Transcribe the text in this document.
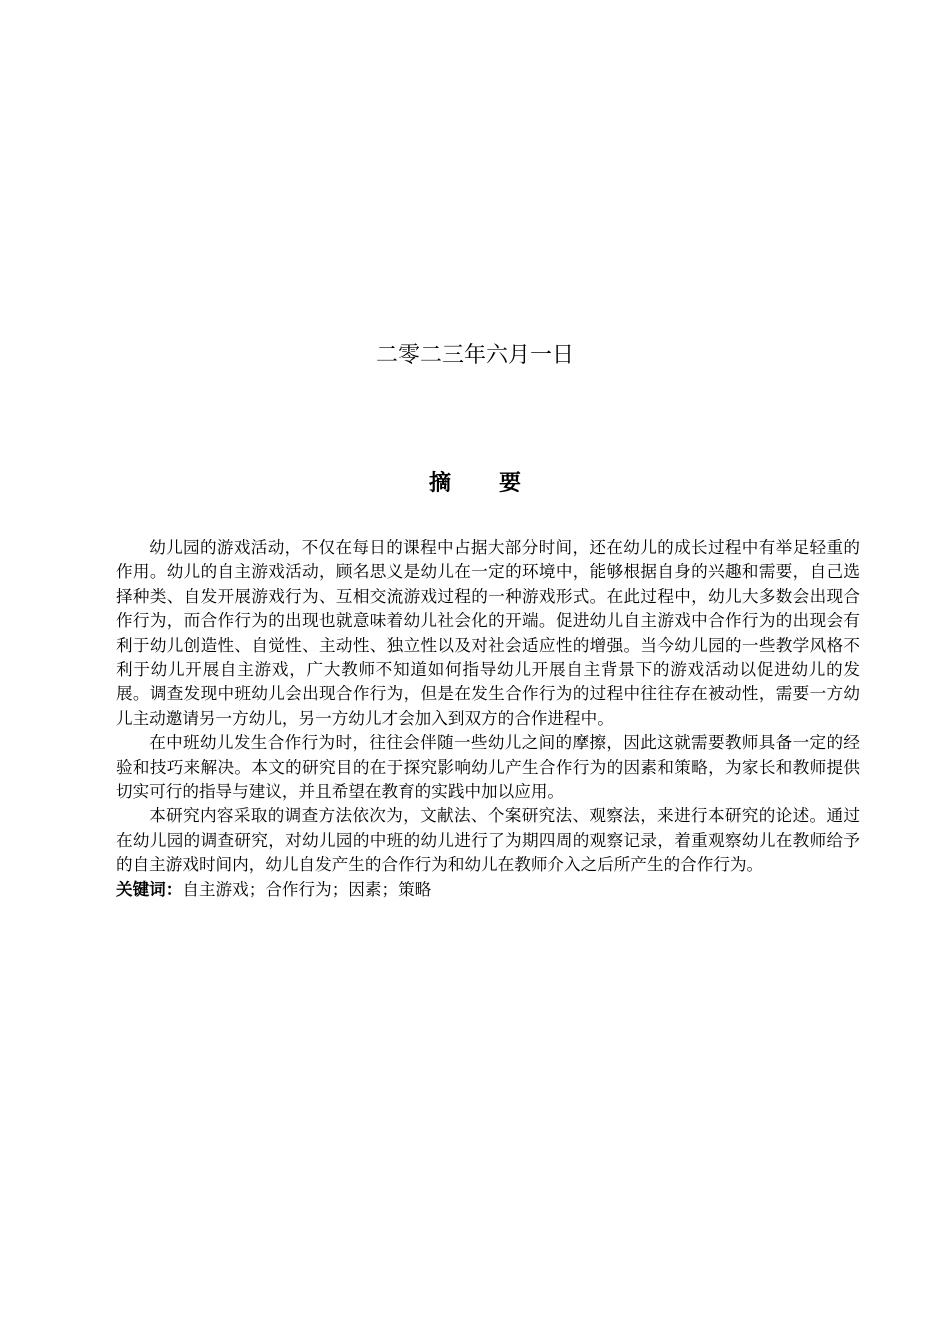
二零二三年六月一日
摘 要

幼儿园的游戏活动，不仅在每日的课程中占据大部分时间，还在幼儿的成长过程中有举足轻重的作用。幼儿的自主游戏活动，顾名思义是幼儿在一定的环境中，能够根据自身的兴趣和需要，自己选择种类、自发开展游戏行为、互相交流游戏过程的一种游戏形式。在此过程中，幼儿大多数会出现合作行为，而合作行为的出现也就意味着幼儿社会化的开端。促进幼儿自主游戏中合作行为的出现会有利于幼儿创造性、自觉性、主动性、独立性以及对社会适应性的增强。当今幼儿园的一些教学风格不利于幼儿开展自主游戏，广大教师不知道如何指导幼儿开展自主背景下的游戏活动以促进幼儿的发展。调查发现中班幼儿会出现合作行为，但是在发生合作行为的过程中往往存在被动性，需要一方幼儿主动邀请另一方幼儿，另一方幼儿才会加入到双方的合作进程中。

在中班幼儿发生合作行为时，往往会伴随一些幼儿之间的摩擦，因此这就需要教师具备一定的经验和技巧来解决。本文的研究目的在于探究影响幼儿产生合作行为的因素和策略，为家长和教师提供切实可行的指导与建议，并且希望在教育的实践中加以应用。

本研究内容采取的调查方法依次为，文献法、个案研究法、观察法，来进行本研究的论述。通过在幼儿园的调查研究，对幼儿园的中班的幼儿进行了为期四周的观察记录，着重观察幼儿在教师给予的自主游戏时间内，幼儿自发产生的合作行为和幼儿在教师介入之后所产生的合作行为。

关键词：自主游戏；合作行为；因素；策略
